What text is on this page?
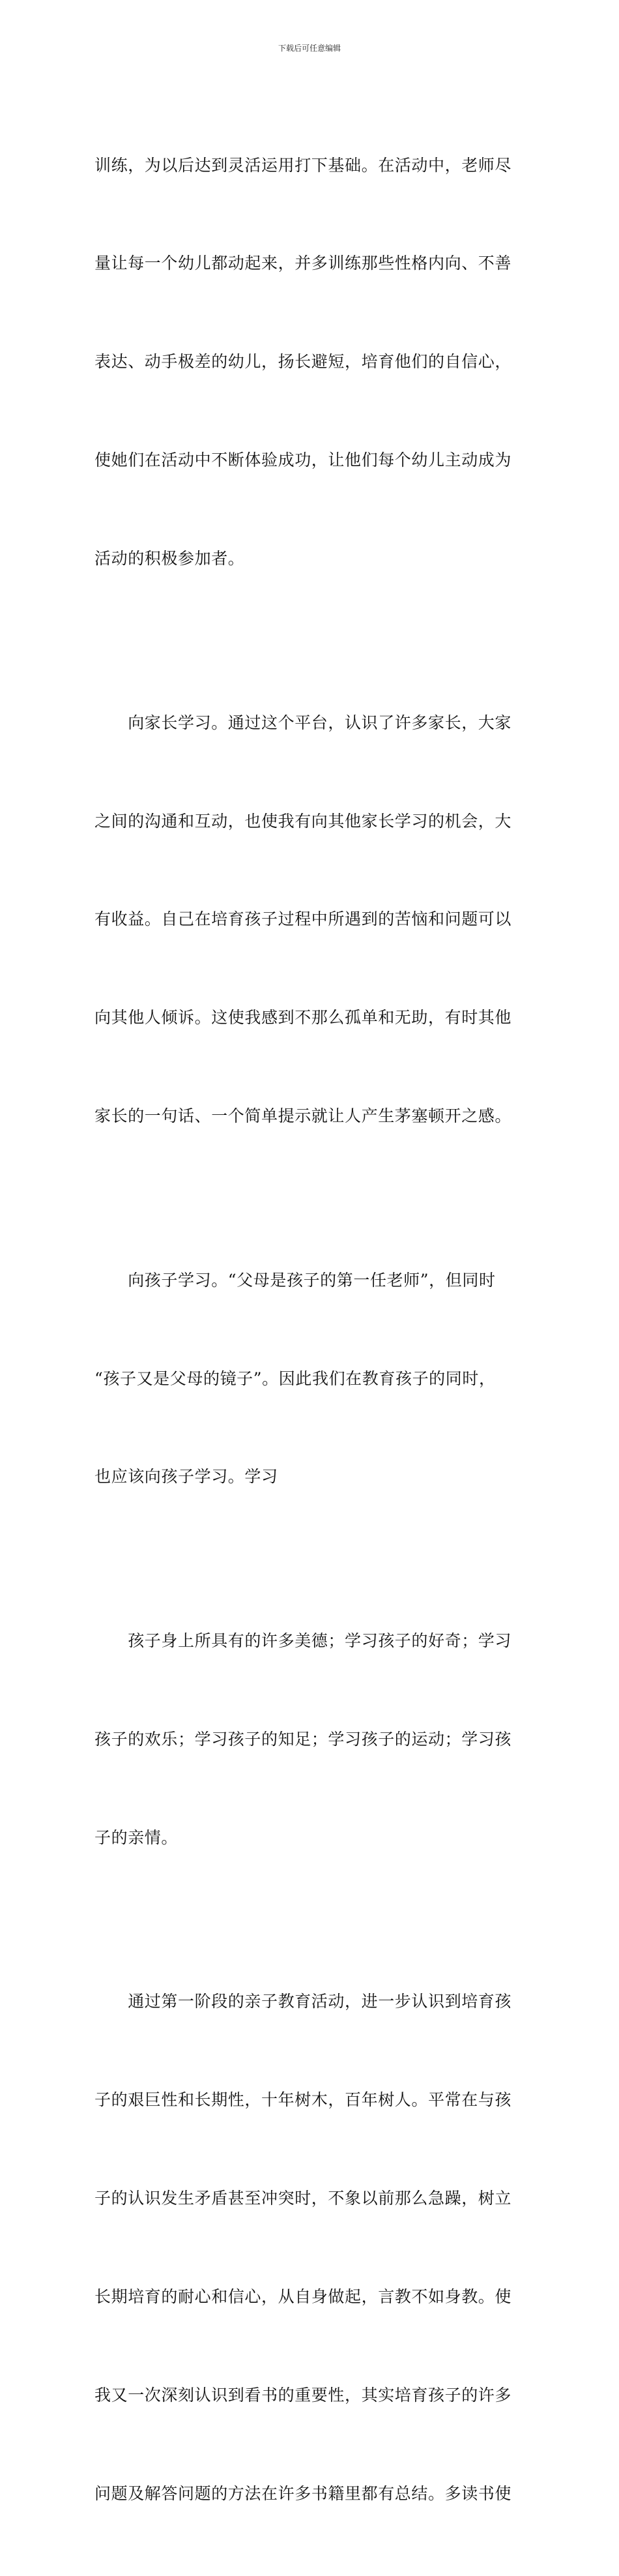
下载后可任意编辑

训练，为以后达到灵活运用打下基础。在活动中，老师尽

量让每一个幼儿都动起来，并多训练那些性格内向、不善

表达、动手极差的幼儿，扬长避短，培育他们的自信心，

使她们在活动中不断体验成功，让他们每个幼儿主动成为

活动的积极参加者。

　　向家长学习。通过这个平台，认识了许多家长，大家

之间的沟通和互动，也使我有向其他家长学习的机会，大

有收益。自己在培育孩子过程中所遇到的苦恼和问题可以

向其他人倾诉。这使我感到不那么孤单和无助，有时其他

家长的一句话、一个简单提示就让人产生茅塞顿开之感。

　　向孩子学习。“父母是孩子的第一任老师”，但同时

“孩子又是父母的镜子”。因此我们在教育孩子的同时，

也应该向孩子学习。学习

　　孩子身上所具有的许多美德；学习孩子的好奇；学习

孩子的欢乐；学习孩子的知足；学习孩子的运动；学习孩

子的亲情。

　　通过第一阶段的亲子教育活动，进一步认识到培育孩

子的艰巨性和长期性，十年树木，百年树人。平常在与孩

子的认识发生矛盾甚至冲突时，不象以前那么急躁，树立

长期培育的耐心和信心，从自身做起，言教不如身教。使

我又一次深刻认识到看书的重要性，其实培育孩子的许多

问题及解答问题的方法在许多书籍里都有总结。多读书使
